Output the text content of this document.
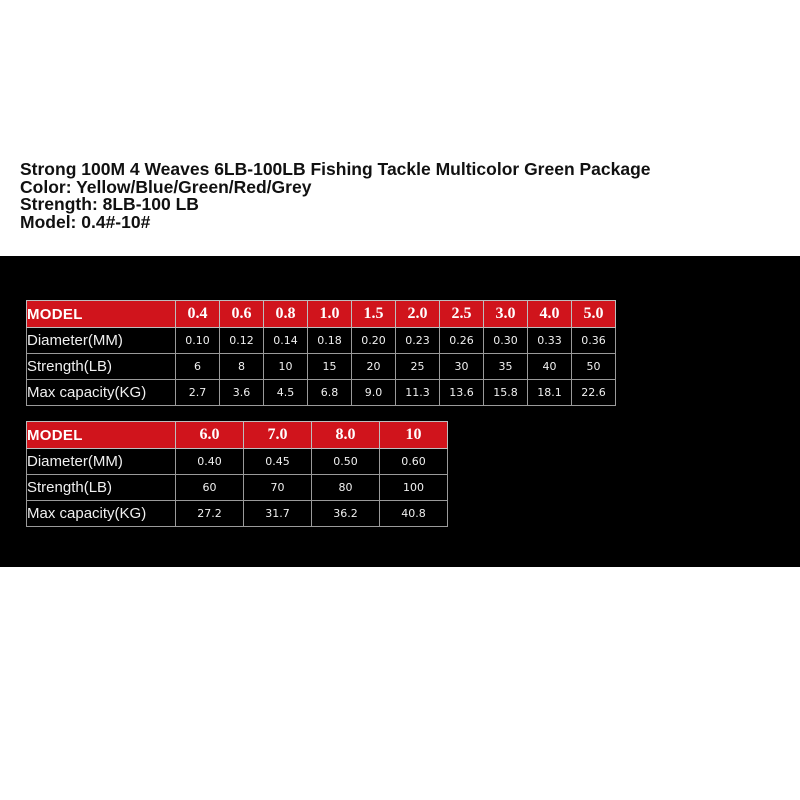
Strong 100M 4 Weaves 6LB-100LB Fishing Tackle Multicolor Green Package
Color: Yellow/Blue/Green/Red/Grey
Strength: 8LB-100 LB
Model: 0.4#-10#
MODEL	0.4	0.6	0.8	1.0	1.5	2.0	2.5	3.0	4.0	5.0
Diameter(MM)	0.10	0.12	0.14	0.18	0.20	0.23	0.26	0.30	0.33	0.36
Strength(LB)	6	8	10	15	20	25	30	35	40	50
Max capacity(KG)	2.7	3.6	4.5	6.8	9.0	11.3	13.6	15.8	18.1	22.6
MODEL	6.0	7.0	8.0	10
Diameter(MM)	0.40	0.45	0.50	0.60
Strength(LB)	60	70	80	100
Max capacity(KG)	27.2	31.7	36.2	40.8
